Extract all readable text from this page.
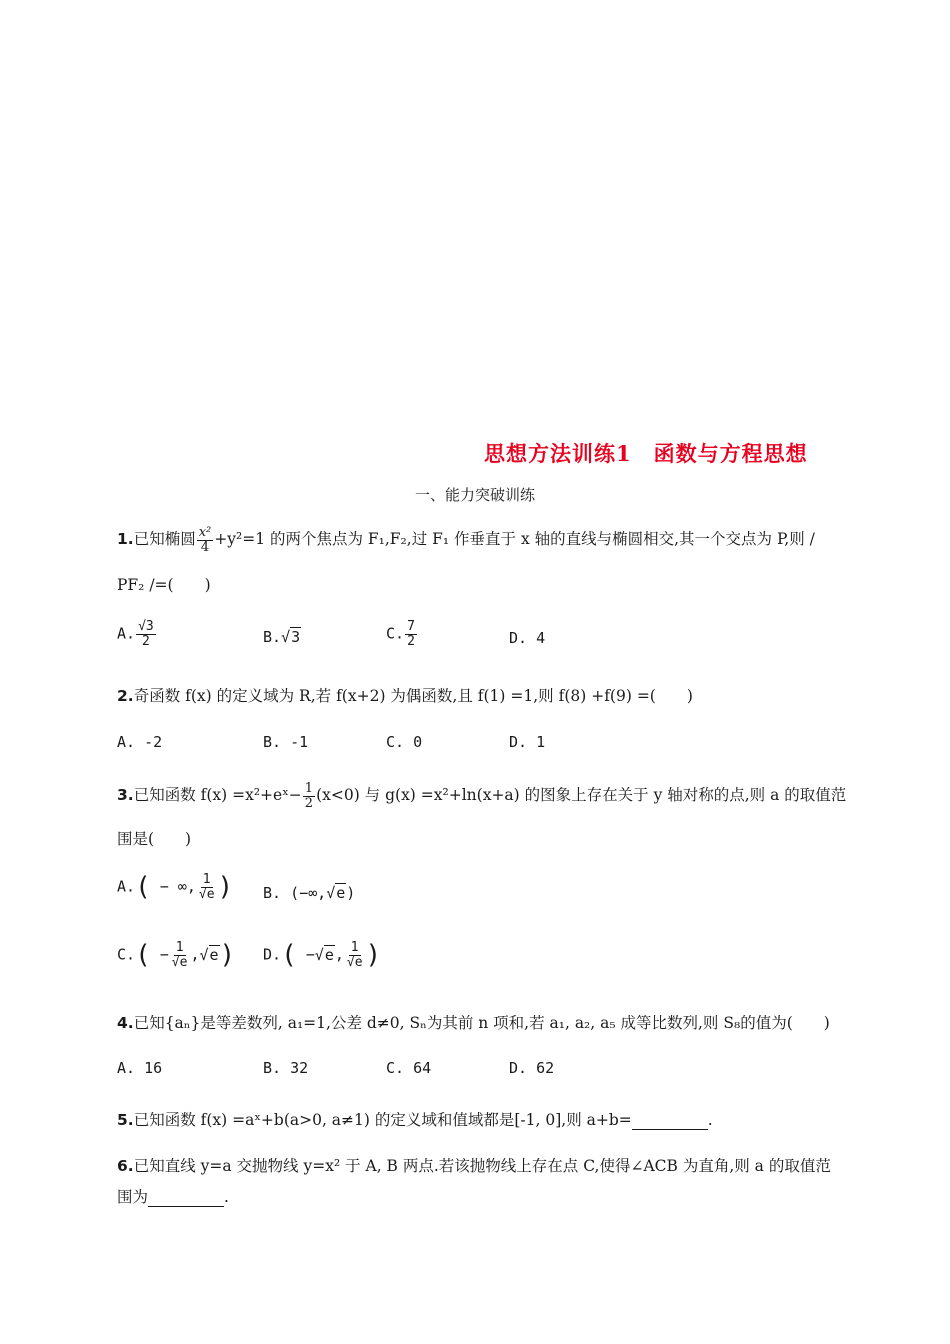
思想方法训练1　函数与方程思想
一、能力突破训练
1.已知椭圆 $\frac{\text{x²}}{4} +y^2=1$ 的两个焦点为 F₁,F₂,过 F₁ 作垂直于 x 轴的直线与椭圆相交,其一个交点为 P,则 /
PF₂ /=(　　)
A. $\frac{√3}{2}$	B.√3	C. $\frac{7}{2}$	D. 4
2.奇函数 f(x) 的定义域为 R,若 f(x+2) 为偶函数,且 f(1) =1,则 f(8) +f(9) =(　　)
A. -2	B. -1	C. 0	D. 1
3.已知函数 f(x) =x²+eˣ− $\frac{1}{2} (x<0)$ 与 g(x) =x²+ln(x+a) 的图象上存在关于 y 轴对称的点,则 a 的取值范
围是(　　)
A.( − ∞, $\frac{1}{√e}$ ) B. (−∞,√e)
$C.( - \frac{1}{√e} ,√e)$ D.( −√e, $\frac{1}{√e}$ )
4.已知{aₙ}是等差数列, a₁=1,公差 d≠0, Sₙ为其前 n 项和,若 a₁, a₂, a₅ 成等比数列,则 S₈的值为(　　)
A. 16	B. 32	C. 64	D. 62
5.已知函数 f(x) =aˣ+b(a>0, a≠1) 的定义域和值域都是[-1, 0],则 a+b=	.
6.已知直线 y=a 交抛物线 y=x² 于 A, B 两点.若该抛物线上存在点 C,使得∠ACB 为直角,则 a 的取值范
围为	.
